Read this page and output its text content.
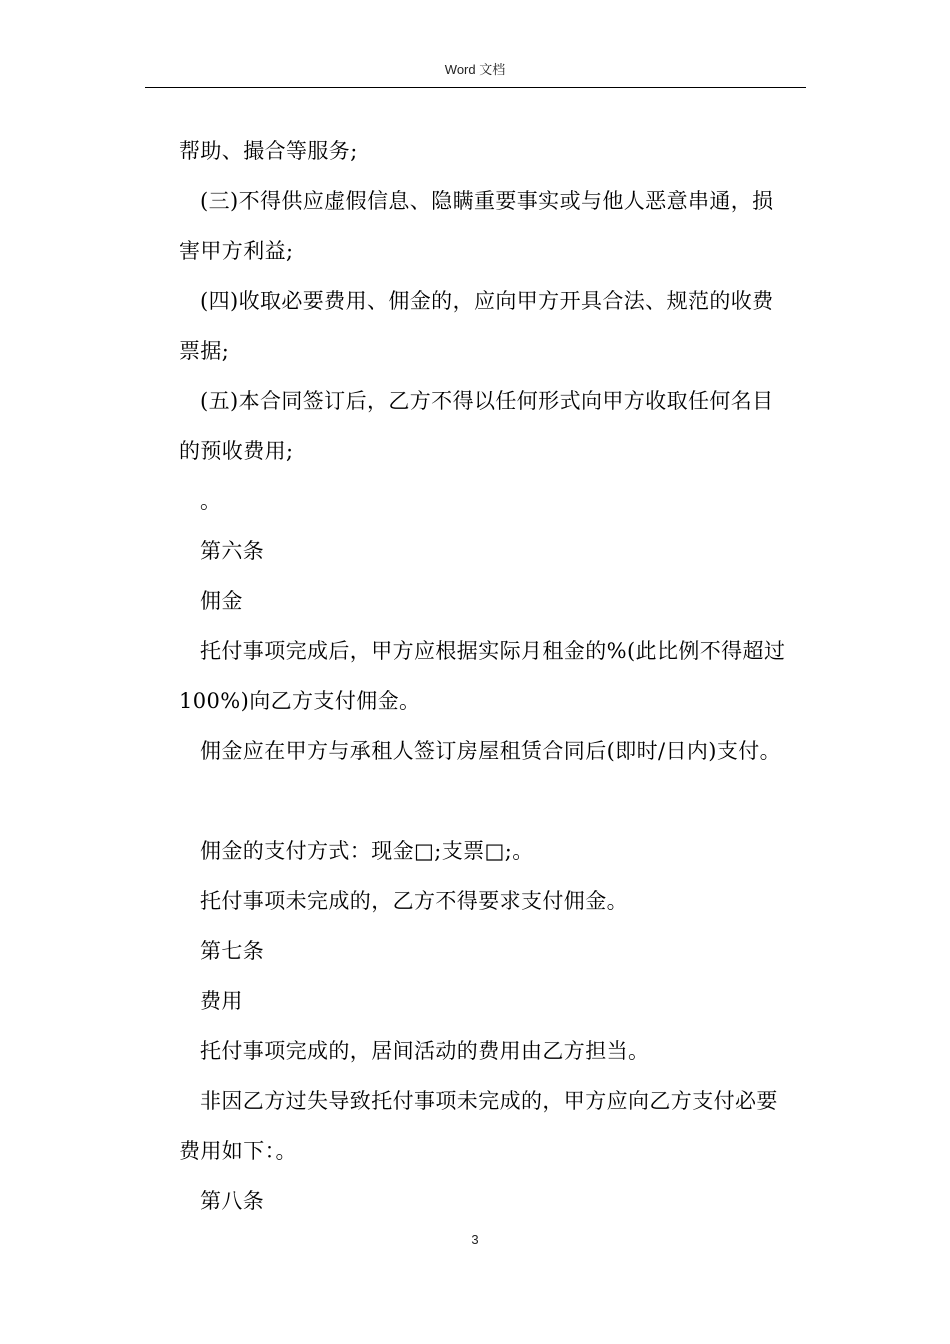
Word 文档
帮助、撮合等服务;
(三)不得供应虚假信息、隐瞒重要事实或与他人恶意串通，损
害甲方利益;
(四)收取必要费用、佣金的，应向甲方开具合法、规范的收费
票据;
(五)本合同签订后，乙方不得以任何形式向甲方收取任何名目
的预收费用;
。
第六条
佣金
托付事项完成后，甲方应根据实际月租金的%(此比例不得超过
100%)向乙方支付佣金。
佣金应在甲方与承租人签订房屋租赁合同后(即时/日内)支付。
佣金的支付方式：现金□;支票□;。
托付事项未完成的，乙方不得要求支付佣金。
第七条
费用
托付事项完成的，居间活动的费用由乙方担当。
非因乙方过失导致托付事项未完成的，甲方应向乙方支付必要
费用如下：。
第八条
3
